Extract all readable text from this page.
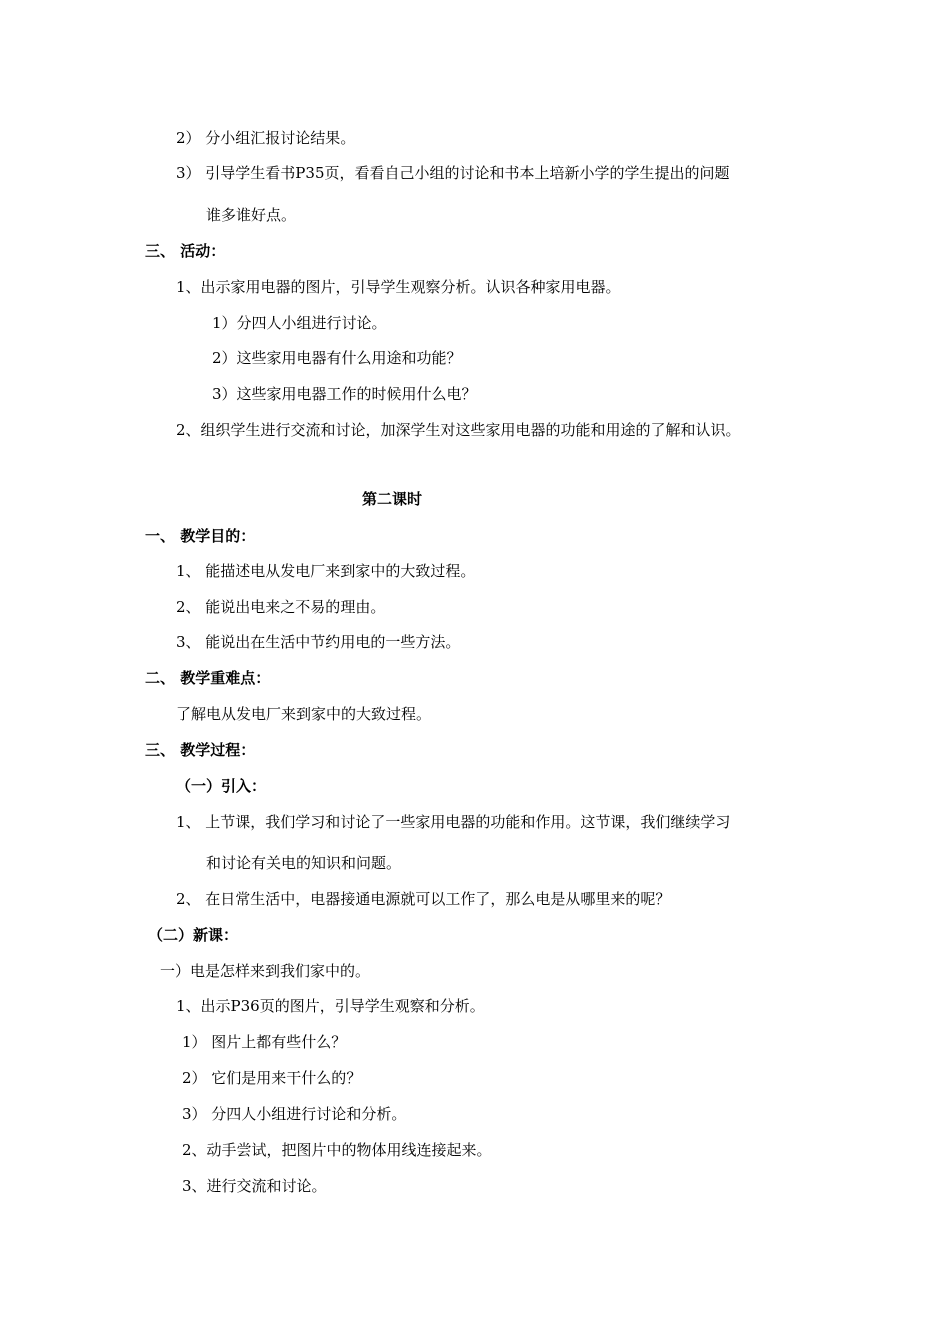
2） 分小组汇报讨论结果。
3） 引导学生看书P35页，看看自己小组的讨论和书本上培新小学的学生提出的问题
谁多谁好点。
三、 活动：
1、出示家用电器的图片，引导学生观察分析。认识各种家用电器。
1）分四人小组进行讨论。
2）这些家用电器有什么用途和功能？
3）这些家用电器工作的时候用什么电？
2、组织学生进行交流和讨论，加深学生对这些家用电器的功能和用途的了解和认识。
第二课时
一、 教学目的：
1、 能描述电从发电厂来到家中的大致过程。
2、 能说出电来之不易的理由。
3、 能说出在生活中节约用电的一些方法。
二、 教学重难点：
了解电从发电厂来到家中的大致过程。
三、 教学过程：
（一）引入：
1、 上节课，我们学习和讨论了一些家用电器的功能和作用。这节课，我们继续学习
和讨论有关电的知识和问题。
2、 在日常生活中，电器接通电源就可以工作了，那么电是从哪里来的呢？
（二）新课：
一）电是怎样来到我们家中的。
1、出示P36页的图片，引导学生观察和分析。
1） 图片上都有些什么？
2） 它们是用来干什么的？
3） 分四人小组进行讨论和分析。
2、动手尝试，把图片中的物体用线连接起来。
3、进行交流和讨论。
